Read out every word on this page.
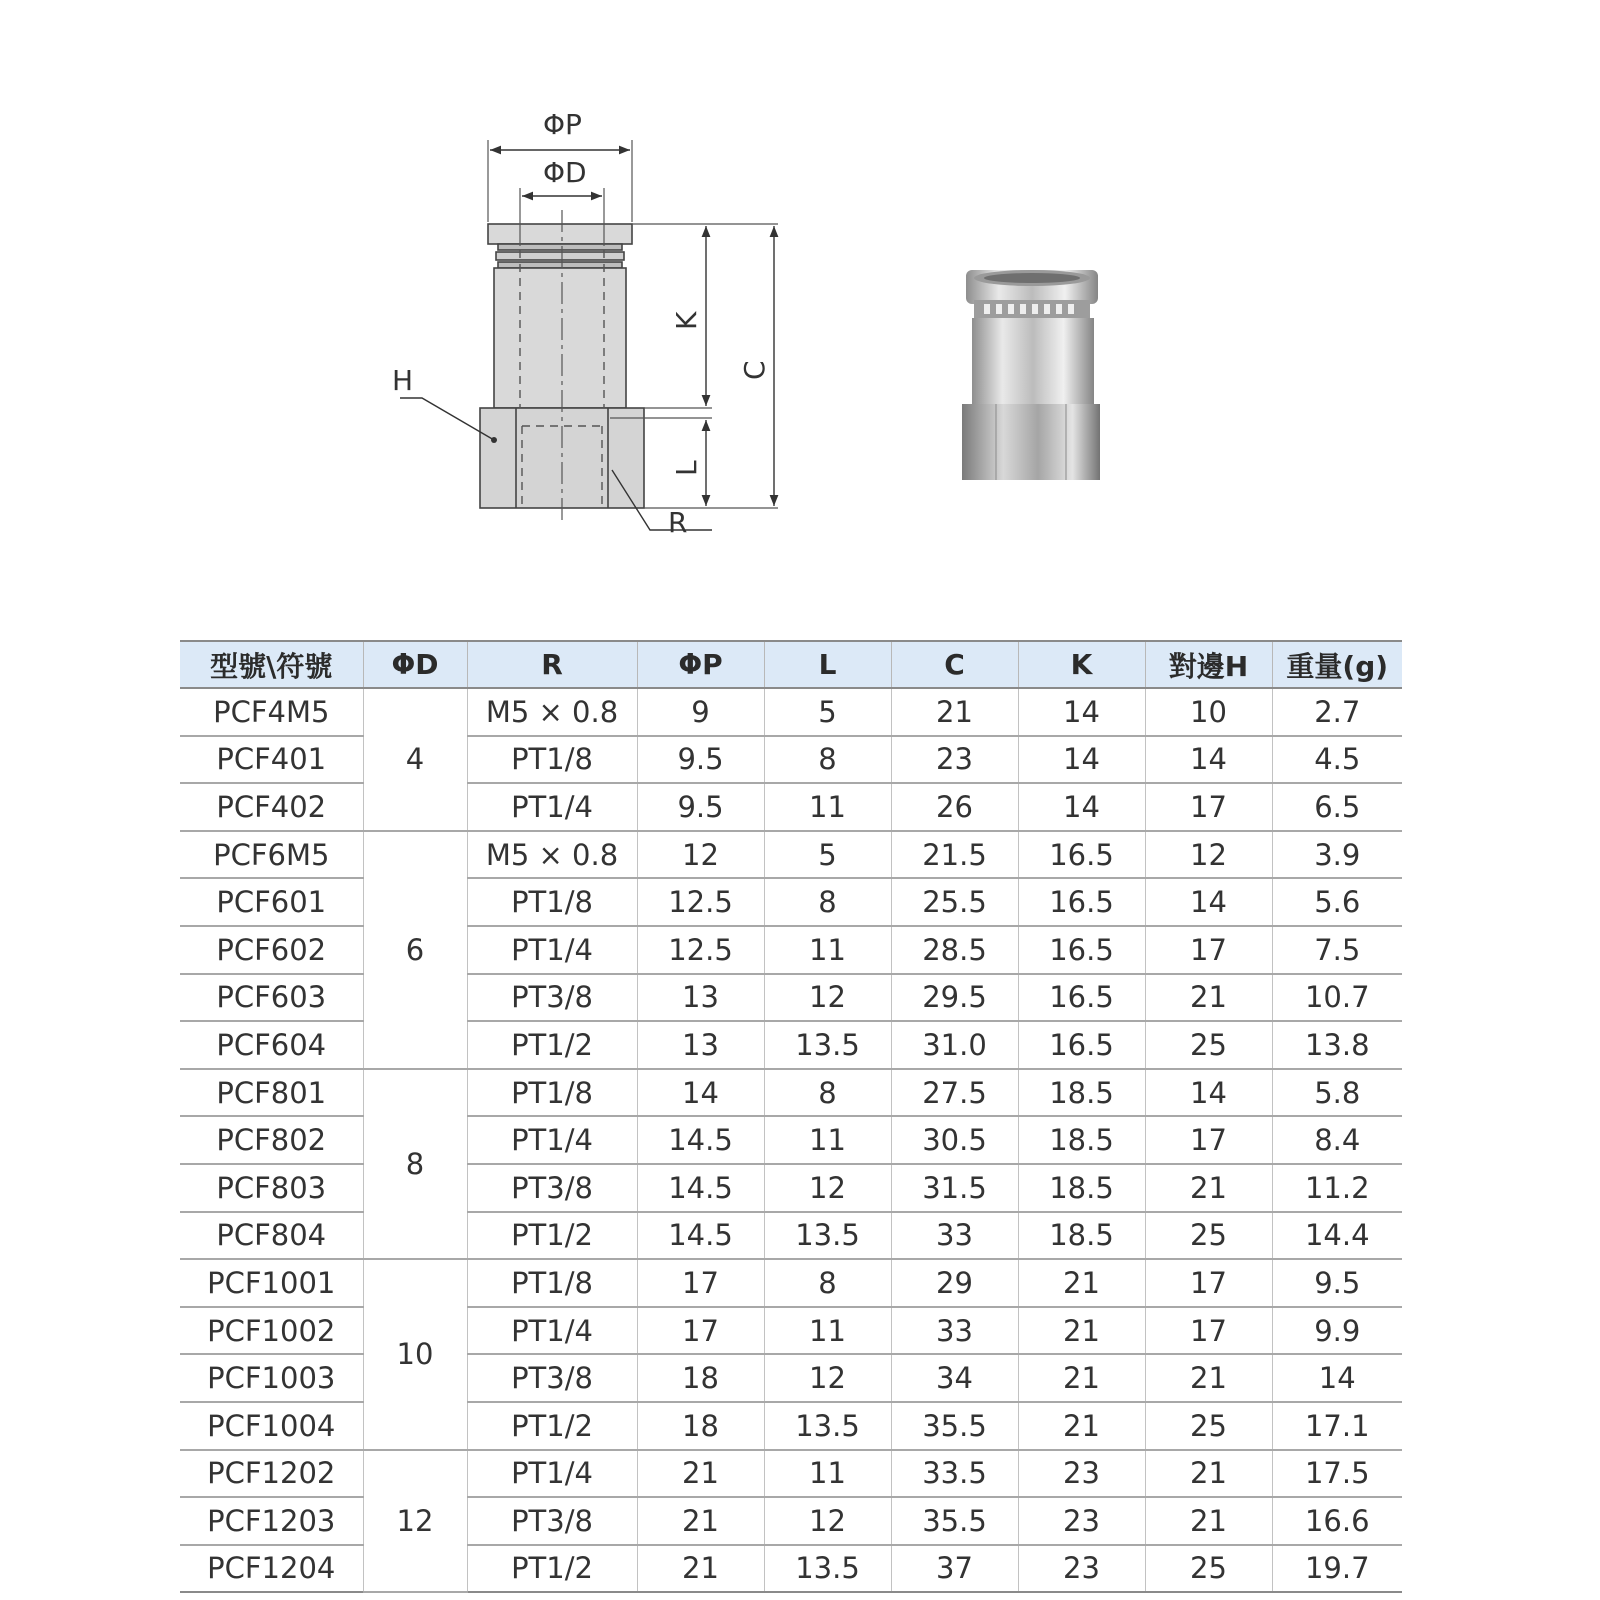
ΦP
ΦD
H
R
K
C
L
型號\符號	ΦD	R	ΦP	L	C	K	對邊H	重量(g)
PCF4M5	4	M5 × 0.8	9	5	21	14	10	2.7
PCF401		PT1/8	9.5	8	23	14	14	4.5
PCF402		PT1/4	9.5	11	26	14	17	6.5
PCF6M5	6	M5 × 0.8	12	5	21.5	16.5	12	3.9
PCF601		PT1/8	12.5	8	25.5	16.5	14	5.6
PCF602		PT1/4	12.5	11	28.5	16.5	17	7.5
PCF603		PT3/8	13	12	29.5	16.5	21	10.7
PCF604		PT1/2	13	13.5	31.0	16.5	25	13.8
PCF801	8	PT1/8	14	8	27.5	18.5	14	5.8
PCF802		PT1/4	14.5	11	30.5	18.5	17	8.4
PCF803		PT3/8	14.5	12	31.5	18.5	21	11.2
PCF804		PT1/2	14.5	13.5	33	18.5	25	14.4
PCF1001	10	PT1/8	17	8	29	21	17	9.5
PCF1002		PT1/4	17	11	33	21	17	9.9
PCF1003		PT3/8	18	12	34	21	21	14
PCF1004		PT1/2	18	13.5	35.5	21	25	17.1
PCF1202	12	PT1/4	21	11	33.5	23	21	17.5
PCF1203		PT3/8	21	12	35.5	23	21	16.6
PCF1204		PT1/2	21	13.5	37	23	25	19.7
